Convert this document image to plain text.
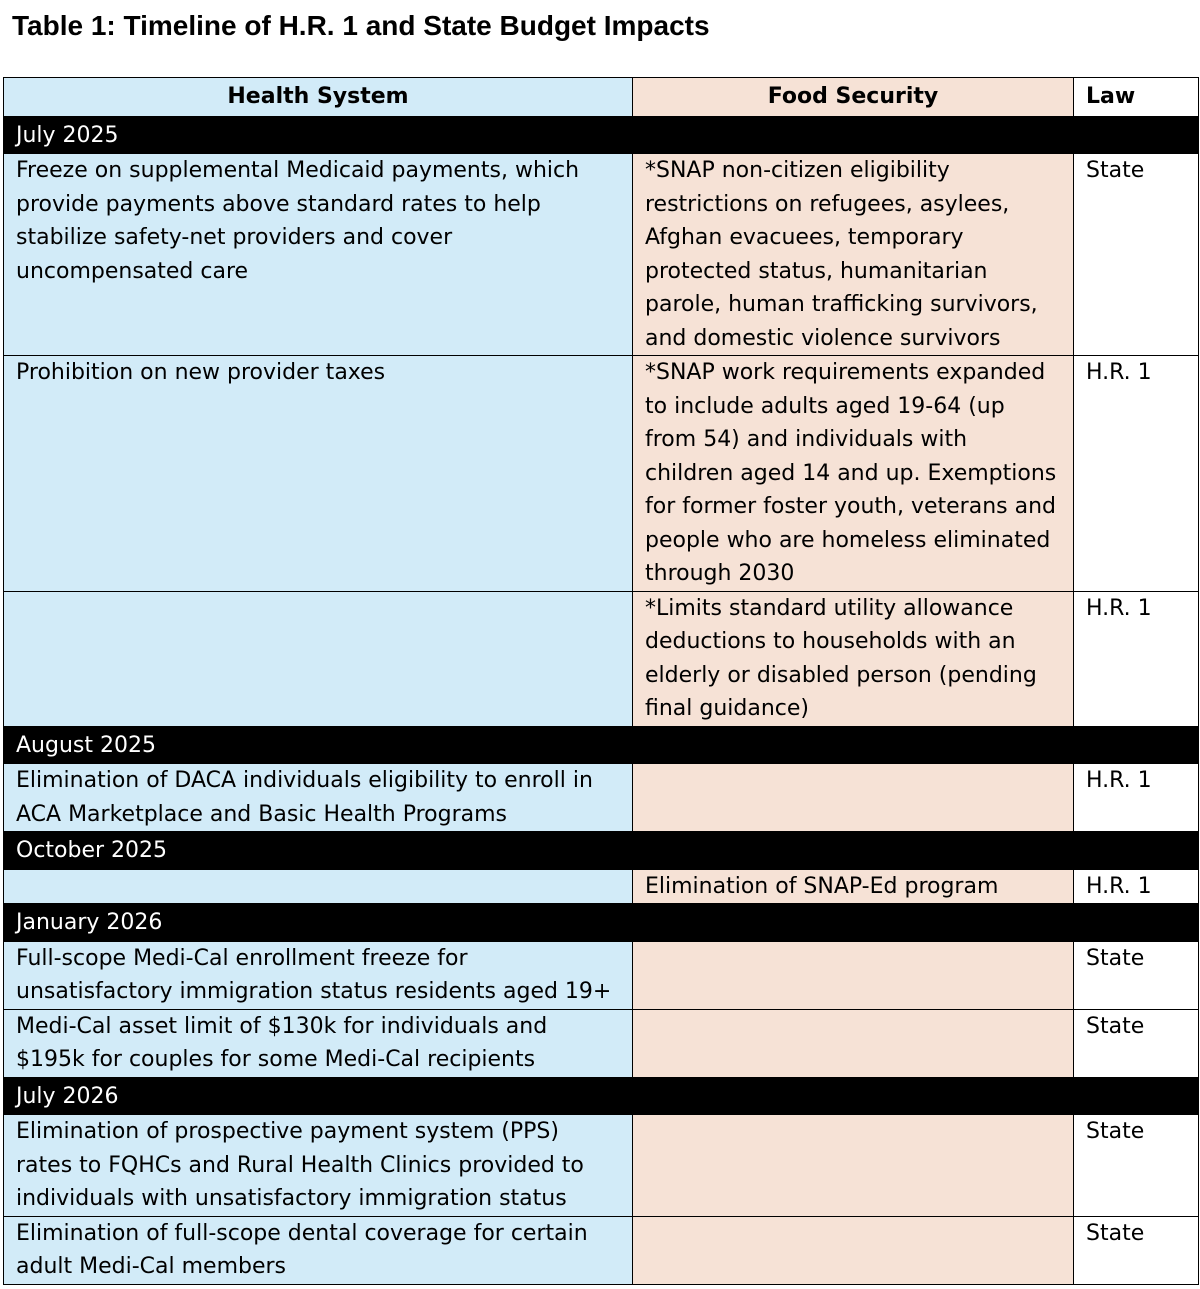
Table 1: Timeline of H.R. 1 and State Budget Impacts
Health System	Food Security	Law
July 2025		
Freeze on supplemental Medicaid payments, which provide payments above standard rates to help stabilize safety-net providers and cover uncompensated care	*SNAP non-citizen eligibility restrictions on refugees, asylees, Afghan evacuees, temporary protected status, humanitarian parole, human trafficking survivors, and domestic violence survivors	State
Prohibition on new provider taxes	*SNAP work requirements expanded to include adults aged 19-64 (up from 54) and individuals with children aged 14 and up. Exemptions for former foster youth, veterans and people who are homeless eliminated through 2030	H.R. 1
	*Limits standard utility allowance deductions to households with an elderly or disabled person (pending final guidance)	H.R. 1
August 2025		
Elimination of DACA individuals eligibility to enroll in ACA Marketplace and Basic Health Programs		H.R. 1
October 2025		
	Elimination of SNAP-Ed program	H.R. 1
January 2026		
Full-scope Medi-Cal enrollment freeze for unsatisfactory immigration status residents aged 19+		State
Medi-Cal asset limit of $130k for individuals and $195k for couples for some Medi-Cal recipients		State
July 2026		
Elimination of prospective payment system (PPS) rates to FQHCs and Rural Health Clinics provided to individuals with unsatisfactory immigration status		State
Elimination of full-scope dental coverage for certain adult Medi-Cal members		State
